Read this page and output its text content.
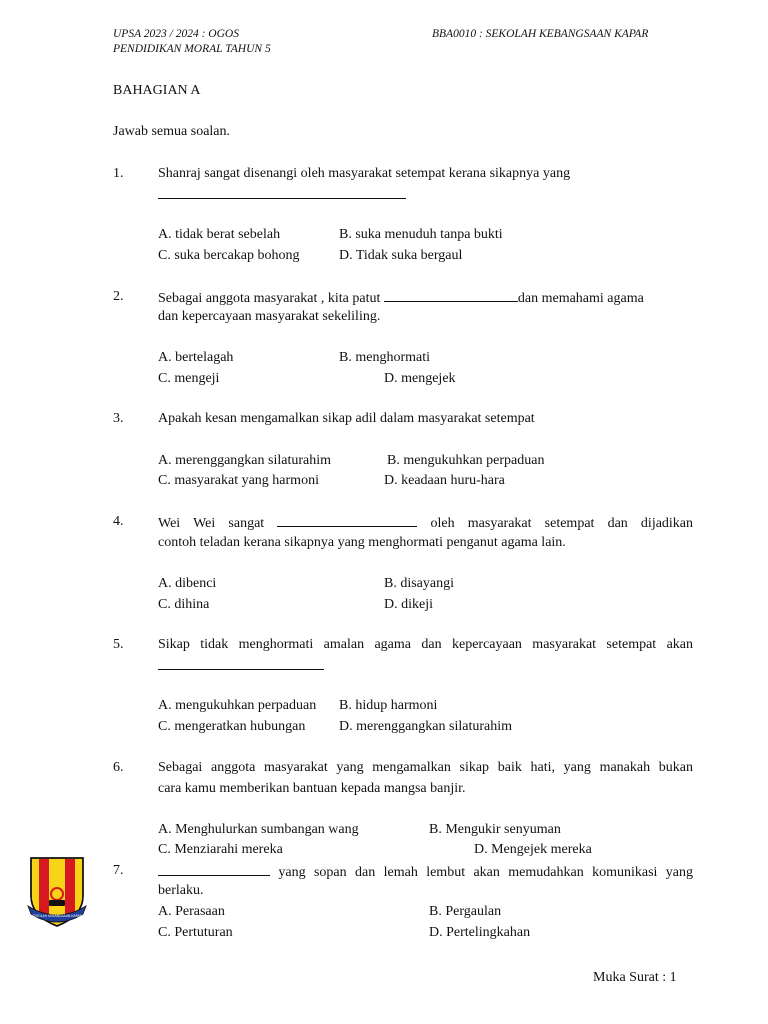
UPSA 2023 / 2024 : OGOS
PENDIDIKAN MORAL TAHUN 5
BBA0010 : SEKOLAH KEBANGSAAN KAPAR
BAHAGIAN A
Jawab semua soalan.
1. Shanraj sangat disenangi oleh masyarakat setempat kerana sikapnya yang
A. tidak berat sebelah	B. suka menuduh tanpa bukti
C. suka bercakap bohong	D. Tidak suka bergaul
2. Sebagai anggota masyarakat , kita patut	dan memahami agama
dan kepercayaan masyarakat sekeliling.
A. bertelagah	B. menghormati
C. mengeji	D. mengejek
3. Apakah kesan mengamalkan sikap adil dalam masyarakat setempat
A. merenggangkan silaturahim	B. mengukuhkan perpaduan
C. masyarakat yang harmoni	D. keadaan huru-hara
4. Wei Wei sangat	oleh masyarakat setempat dan dijadikan
contoh teladan kerana sikapnya yang menghormati penganut agama lain.
A. dibenci	B. disayangi
C. dihina	D. dikeji
5. Sikap tidak menghormati amalan agama dan kepercayaan masyarakat setempat akan
A. mengukuhkan perpaduan B. hidup harmoni
C. mengeratkan hubungan D. merenggangkan silaturahim
6. Sebagai anggota masyarakat yang mengamalkan sikap baik hati, yang manakah bukan
cara kamu memberikan bantuan kepada mangsa banjir.
A. Menghulurkan sumbangan wang	B. Mengukir senyuman
C. Menziarahi mereka	D. Mengejek mereka
7.	yang sopan dan lemah lembut akan memudahkan komunikasi yang
berlaku.
A. Perasaan	B. Pergaulan
C. Pertuturan	D. Pertelingkahan
SEKOLAH KEBANGSAAN KAPAR
Muka Surat : 1
